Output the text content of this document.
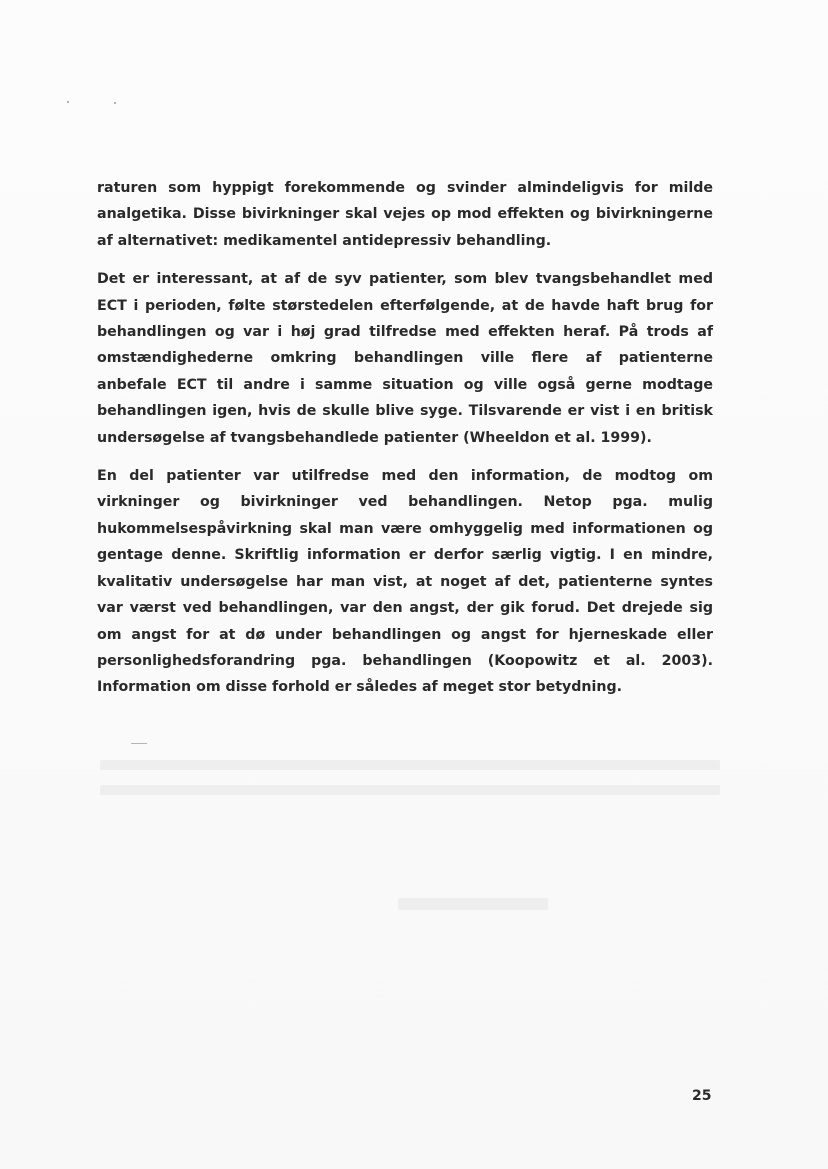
raturen som hyppigt forekommende og svinder almindeligvis for milde analgetika. Disse bivirkninger skal vejes op mod effekten og bivirkningerne af alternativet: medikamentel antidepressiv behandling.

Det er interessant, at af de syv patienter, som blev tvangsbehandlet med ECT i perioden, følte størstedelen efterfølgende, at de havde haft brug for behandlingen og var i høj grad tilfredse med effekten heraf. På trods af omstændighederne omkring behandlingen ville flere af patienterne anbefale ECT til andre i samme situation og ville også gerne modtage behandlingen igen, hvis de skulle blive syge. Tilsvarende er vist i en britisk undersøgelse af tvangsbehandlede patienter (Wheeldon et al. 1999).

En del patienter var utilfredse med den information, de modtog om virkninger og bivirkninger ved behandlingen. Netop pga. mulig hukommelsespåvirkning skal man være omhyggelig med informationen og gentage denne. Skriftlig information er derfor særlig vigtig. I en mindre, kvalitativ undersøgelse har man vist, at noget af det, patienterne syntes var værst ved behandlingen, var den angst, der gik forud. Det drejede sig om angst for at dø under behandlingen og angst for hjerneskade eller personlighedsforandring pga. behandlingen (Koopowitz et al. 2003). Information om disse forhold er således af meget stor betydning.

25
